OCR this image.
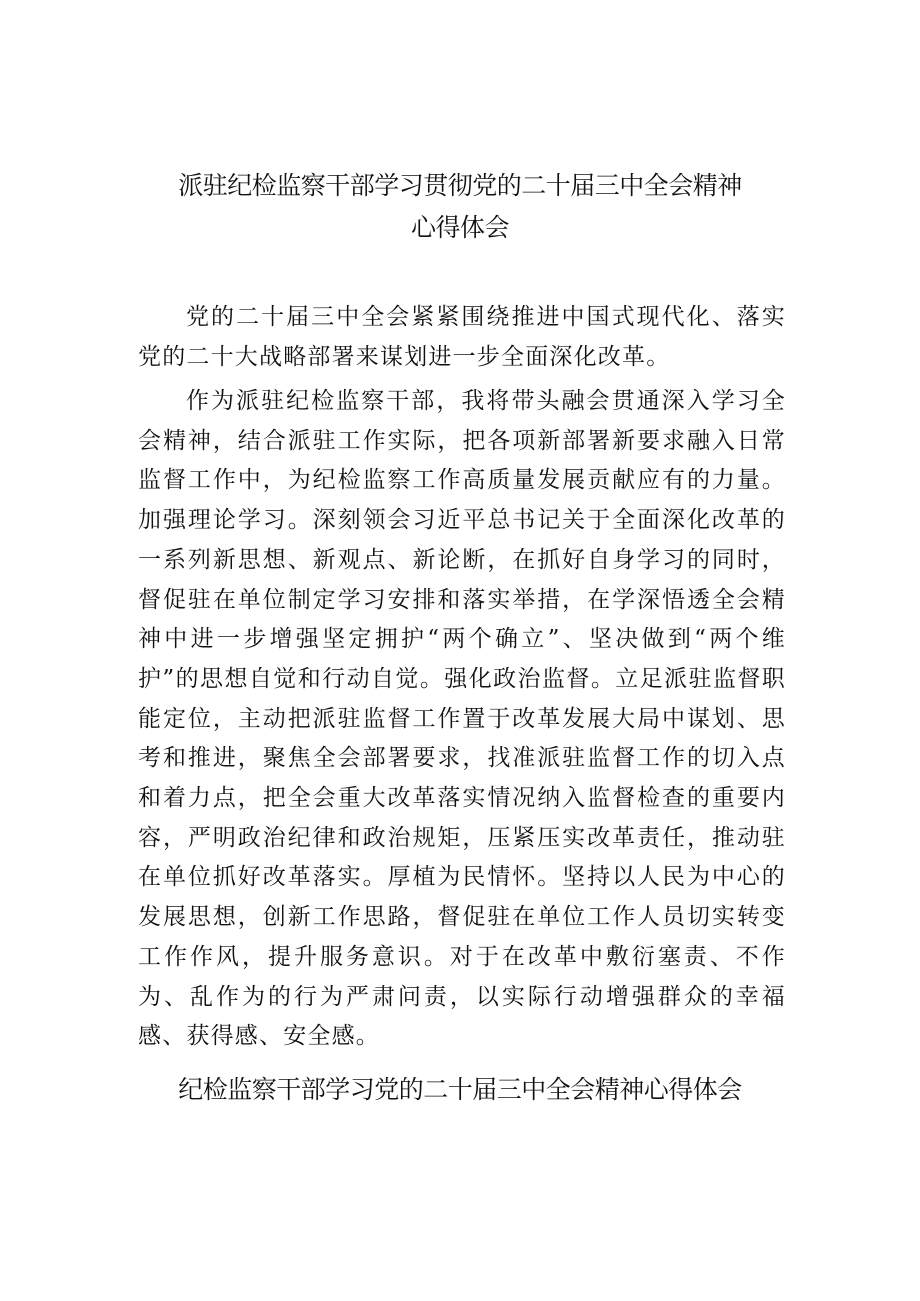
派驻纪检监察干部学习贯彻党的二十届三中全会精神
心得体会

党的二十届三中全会紧紧围绕推进中国式现代化、落实党的二十大战略部署来谋划进一步全面深化改革。

作为派驻纪检监察干部，我将带头融会贯通深入学习全会精神，结合派驻工作实际，把各项新部署新要求融入日常监督工作中，为纪检监察工作高质量发展贡献应有的力量。加强理论学习。深刻领会习近平总书记关于全面深化改革的一系列新思想、新观点、新论断，在抓好自身学习的同时，督促驻在单位制定学习安排和落实举措，在学深悟透全会精神中进一步增强坚定拥护“两个确立”、坚决做到“两个维护”的思想自觉和行动自觉。强化政治监督。立足派驻监督职能定位，主动把派驻监督工作置于改革发展大局中谋划、思考和推进，聚焦全会部署要求，找准派驻监督工作的切入点和着力点，把全会重大改革落实情况纳入监督检查的重要内容，严明政治纪律和政治规矩，压紧压实改革责任，推动驻在单位抓好改革落实。厚植为民情怀。坚持以人民为中心的发展思想，创新工作思路，督促驻在单位工作人员切实转变工作作风，提升服务意识。对于在改革中敷衍塞责、不作为、乱作为的行为严肃问责，以实际行动增强群众的幸福感、获得感、安全感。

纪检监察干部学习党的二十届三中全会精神心得体会
